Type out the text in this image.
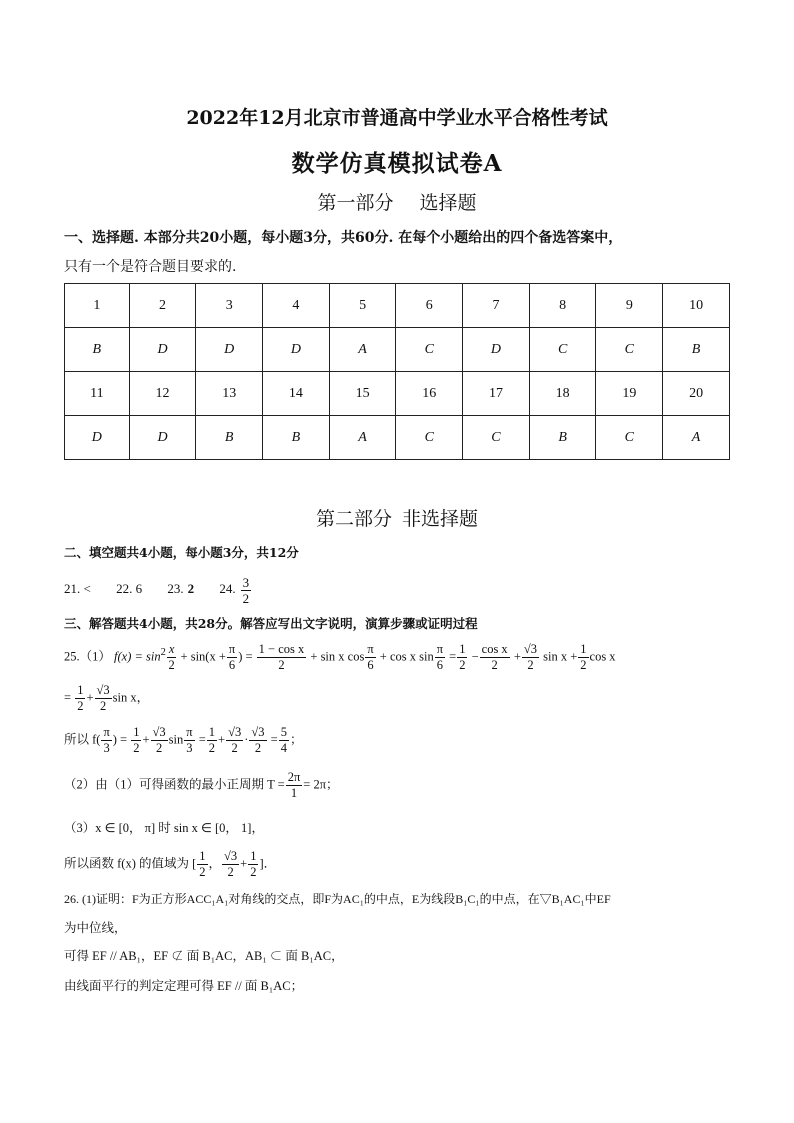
2022年12月北京市普通高中学业水平合格性考试
数学仿真模拟试卷A
第一部分 选择题
一、选择题. 本部分共20小题，每小题3分，共60分. 在每个小题给出的四个备选答案中，
只有一个是符合题目要求的.
1	2	3	4	5	6	7	8	9	10
B	D	D	D	A	C	D	C	C	B
11	12	13	14	15	16	17	18	19	20
D	D	B	B	A	C	C	B	C	A
第二部分 非选择题
二、填空题共4小题，每小题3分，共12分
21. < 22. 6 23. 2 24. $\frac{3}{2}$
三、解答题共4小题，共28分。解答应写出文字说明，演算步骤或证明过程
25.（1） $f(x) = \sin^2 \frac{x}{2} + \sin(x + \frac{\pi}{6}$ ) = $\frac{\text{1 − cos x}}{2} + \sin x$ $\cos \frac{\pi}{6} + \cos x$ $\sin \frac{\pi}{6} = \frac{1}{2} - \frac{\text{cos x}}{2} + \frac{√3}{2}$ $\sin x + \frac{1}{2}$ cos x
= $\frac{1}{2} + \frac{√3}{2}$ sin x，
所以 $f( \frac{\pi}{3}$ ) = $\frac{1}{2} + \frac{√3}{2}$ $\sin \frac{\pi}{3} = \frac{1}{2} + \frac{√3}{2} \cdot \frac{√3}{2} = \frac{5}{4}$ ；
（2）由（1）可得函数的最小正周期 $T = \frac{2\pi}{1} = 2\pi$；
（3）x ∈ [0， π] 时 sin x ∈ [0， 1]，
所以函数 f(x) 的值域为 [ $\frac{1}{2}$ ， $\frac{√3}{2} + \frac{1}{2}$ ]．
26. (1)证明：F为正方形ACC₁A₁对角线的交点，即F为AC₁的中点，E为线段B₁C₁的中点，在▽B₁AC₁中EF
为中位线，
可得 EF // AB₁，EF ⊄ 面 B₁AC，AB₁ ⊂ 面 B₁AC，
由线面平行的判定定理可得 EF // 面 B₁AC；
